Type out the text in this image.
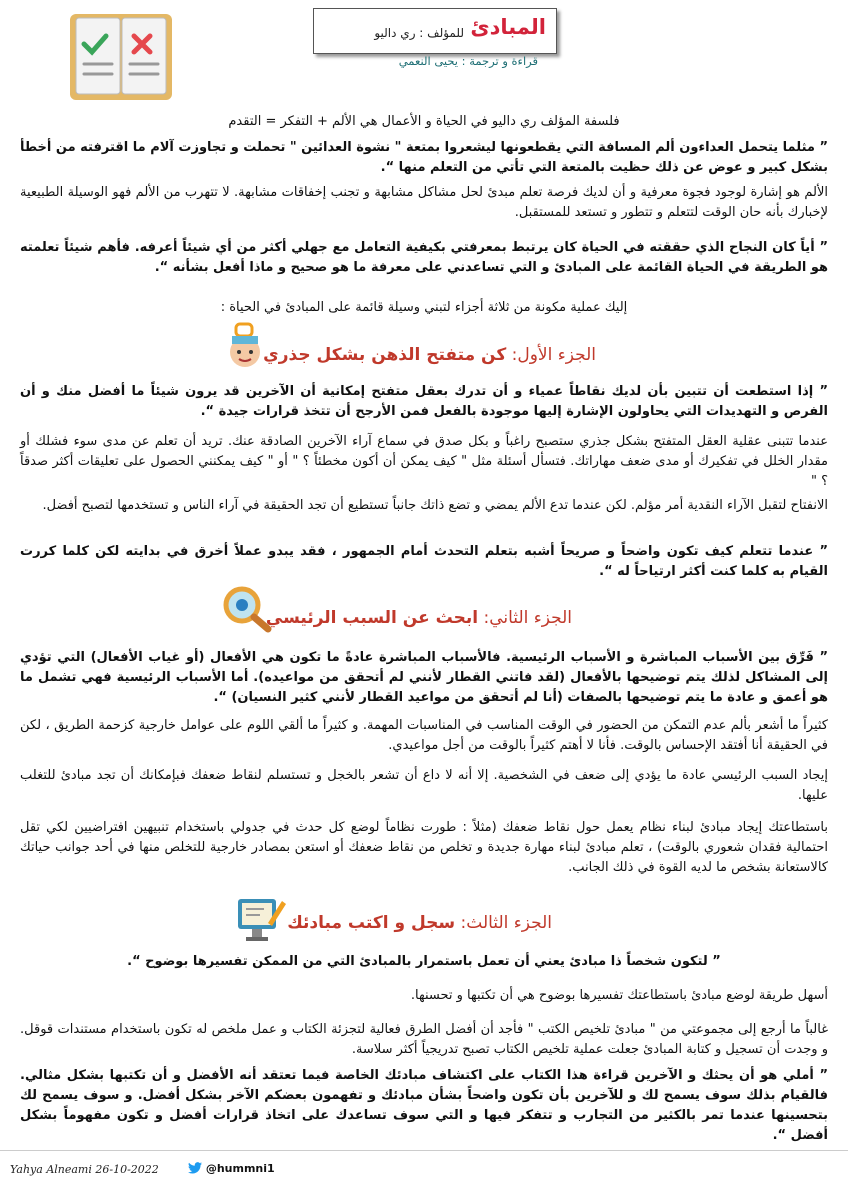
المبادئ
للمؤلف : ري داليو
قراءة و ترجمة : يحيى النعمي
فلسفة المؤلف ري داليو في الحياة و الأعمال هي الألم + التفكر = التقدم
” مثلما يتحمل العداءون ألم المسافة التي يقطعونها ليشعروا بمتعة " نشوة العدائين " تحملت و تجاوزت آلام ما اقترفته من أخطأ بشكل كبير و عوض عن ذلك حظيت بالمتعة التي تأتي من التعلم منها “.
الألم هو إشارة لوجود فجوة معرفية و أن لديك فرصة تعلم مبدئ لحل مشاكل مشابهة و تجنب إخفاقات مشابهة. لا تتهرب من الألم فهو الوسيلة الطبيعية لإخبارك بأنه حان الوقت لتتعلم و تتطور و تستعد للمستقبل.
” أياً كان النجاح الذي حققته في الحياة كان يرتبط بمعرفتي بكيفية التعامل مع جهلي أكثر من أي شيئاً أعرفه. فأهم شيئاً تعلمته هو الطريقة في الحياة القائمة على المبادئ و التي تساعدني على معرفة ما هو صحيح و ماذا أفعل بشأنه “.
إليك عملية مكونة من ثلاثة أجزاء لتبني وسيلة قائمة على المبادئ في الحياة :
الجزء الأول: كن متفتح الذهن بشكل جذري
” إذا استطعت أن تتبين بأن لديك نقاطاً عمياء و أن تدرك بعقل متفتح إمكانية أن الآخرين قد يرون شيئاً ما أفضل منك و أن الفرص و التهديدات التي يحاولون الإشارة إليها موجودة بالفعل فمن الأرجح أن تتخذ قرارات جيدة “.
عندما تتبنى عقلية العقل المتفتح بشكل جذري ستصبح راغباً و بكل صدق في سماع آراء الآخرين الصادقة عنك. تريد أن تعلم عن مدى سوء فشلك أو مقدار الخلل في تفكيرك أو مدى ضعف مهاراتك. فتسأل أسئلة مثل " كيف يمكن أن أكون مخطئاً ؟ " أو " كيف يمكنني الحصول على تعليقات أكثر صدقاً ؟ "
الانفتاح لتقبل الآراء النقدية أمر مؤلم. لكن عندما تدع الألم يمضي و تضع ذاتك جانباً تستطيع أن تجد الحقيقة في آراء الناس و تستخدمها لتصبح أفضل.
” عندما تتعلم كيف تكون واضحاً و صريحاً أشبه بتعلم التحدث أمام الجمهور ، فقد يبدو عملاً أخرق في بدايته لكن كلما كررت القيام به كلما كنت أكثر ارتياحاً له “.
الجزء الثاني: ابحث عن السبب الرئيسي
” فَرِّق بين الأسباب المباشرة و الأسباب الرئيسية. فالأسباب المباشرة عادةً ما تكون هي الأفعال (أو غياب الأفعال) التي تؤدي إلى المشاكل لذلك يتم توضيحها بالأفعال (لقد فاتني القطار لأنني لم أتحقق من مواعيده). أما الأسباب الرئيسية فهي تشمل ما هو أعمق و عادة ما يتم توضيحها بالصفات (أنا لم أتحقق من مواعيد القطار لأنني كثير النسيان) “.
كثيراً ما أشعر بألم عدم التمكن من الحضور في الوقت المناسب في المناسبات المهمة. و كثيراً ما ألقي اللوم على عوامل خارجية كزحمة الطريق ، لكن في الحقيقة أنا أفتقد الإحساس بالوقت. فأنا لا أهتم كثيراً بالوقت من أجل مواعيدي.
إيجاد السبب الرئيسي عادة ما يؤدي إلى ضعف في الشخصية. إلا أنه لا داع أن تشعر بالخجل و تستسلم لنقاط ضعفك فبإمكانك أن تجد مبادئ للتغلب عليها.
باستطاعتك إيجاد مبادئ لبناء نظام يعمل حول نقاط ضعفك (مثلاً : طورت نظاماً لوضع كل حدث في جدولي باستخدام تنبيهين افتراضيين لكي تقل احتمالية فقدان شعوري بالوقت) ، تعلم مبادئ لبناء مهارة جديدة و تخلص من نقاط ضعفك أو استعن بمصادر خارجية للتخلص منها في أحد جوانب حياتك كالاستعانة بشخص ما لديه القوة في ذلك الجانب.
الجزء الثالث: سجل و اكتب مبادئك
” لتكون شخصاً ذا مبادئ يعني أن تعمل باستمرار بالمبادئ التي من الممكن تفسيرها بوضوح “.
أسهل طريقة لوضع مبادئ باستطاعتك تفسيرها بوضوح هي أن تكتبها و تحسنها.
غالباً ما أرجع إلى مجموعتي من " مبادئ تلخيص الكتب " فأجد أن أفضل الطرق فعالية لتجزئة الكتاب و عمل ملخص له تكون باستخدام مستندات قوقل. و وجدت أن تسجيل و كتابة المبادئ جعلت عملية تلخيص الكتاب تصبح تدريجياً أكثر سلاسة.
” أملي هو أن يحثك و الآخرين قراءة هذا الكتاب على اكتشاف مبادئك الخاصة فيما تعتقد أنه الأفضل و أن تكتبها بشكل مثالي. فالقيام بذلك سوف يسمح لك و للآخرين بأن تكون واضحاً بشأن مبادئك و تفهمون بعضكم الآخر بشكل أفضل. و سوف يسمح لك بتحسينها عندما تمر بالكثير من التجارب و تتفكر فيها و التي سوف تساعدك على اتخاذ قرارات أفضل و تكون مفهوماً بشكل أفضل “.
Yahya Alneami 26-10-2022	@hummni1
